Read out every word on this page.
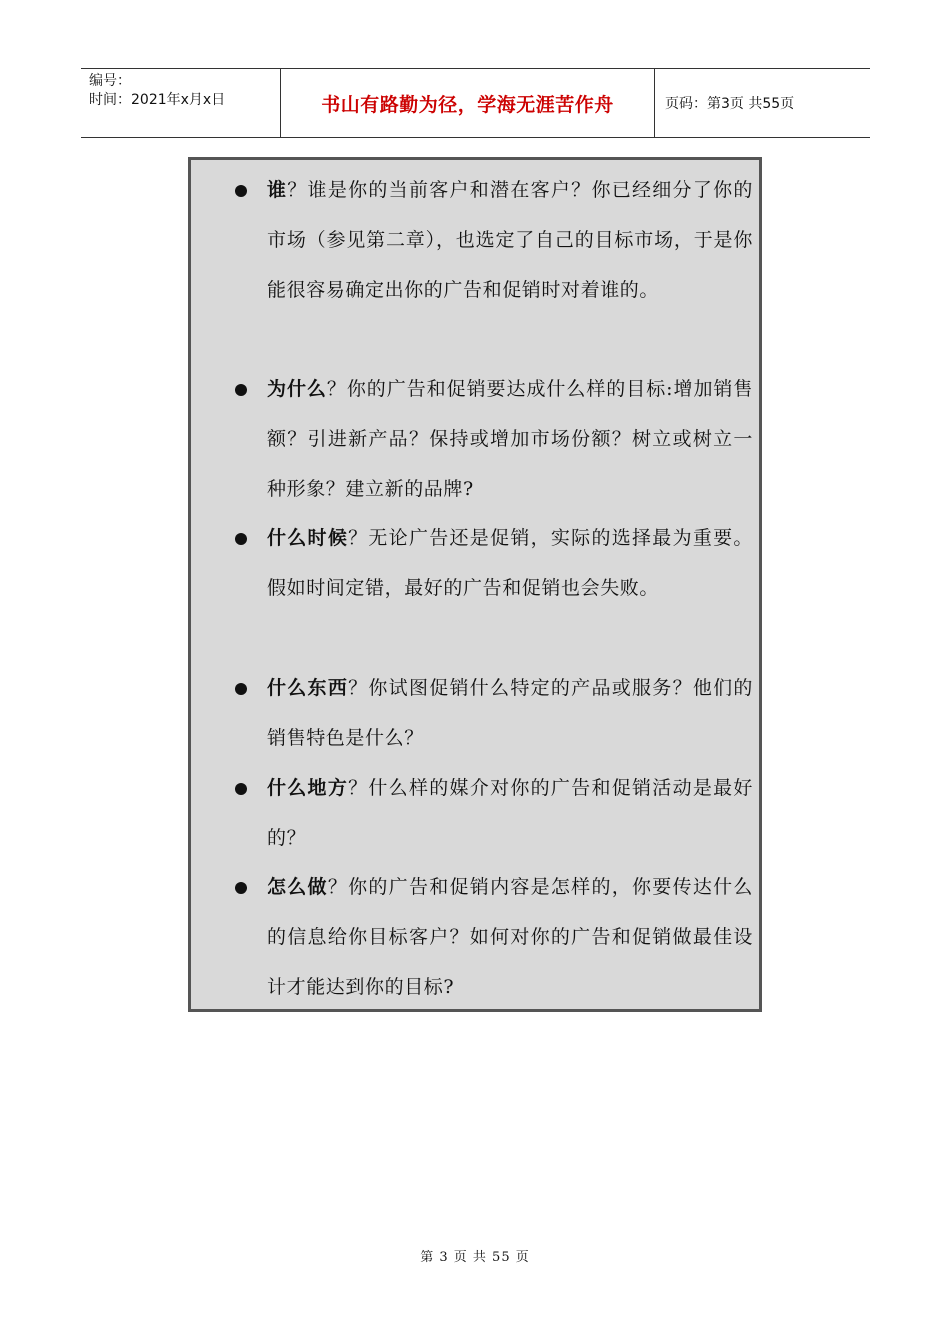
编号：
时间：2021年x月x日	书山有路勤为径，学海无涯苦作舟	页码：第3页 共55页
谁？谁是你的当前客户和潜在客户？你已经细分了你的市场（参见第二章），也选定了自己的目标市场，于是你能很容易确定出你的广告和促销时对着谁的。
为什么？你的广告和促销要达成什么样的目标:增加销售额？引进新产品？保持或增加市场份额？树立或树立一种形象？建立新的品牌?
什么时候？无论广告还是促销，实际的选择最为重要。假如时间定错，最好的广告和促销也会失败。
什么东西？你试图促销什么特定的产品或服务？他们的销售特色是什么？
什么地方？什么样的媒介对你的广告和促销活动是最好的？
怎么做？你的广告和促销内容是怎样的，你要传达什么的信息给你目标客户？如何对你的广告和促销做最佳设计才能达到你的目标?
第 3 页 共 55 页
